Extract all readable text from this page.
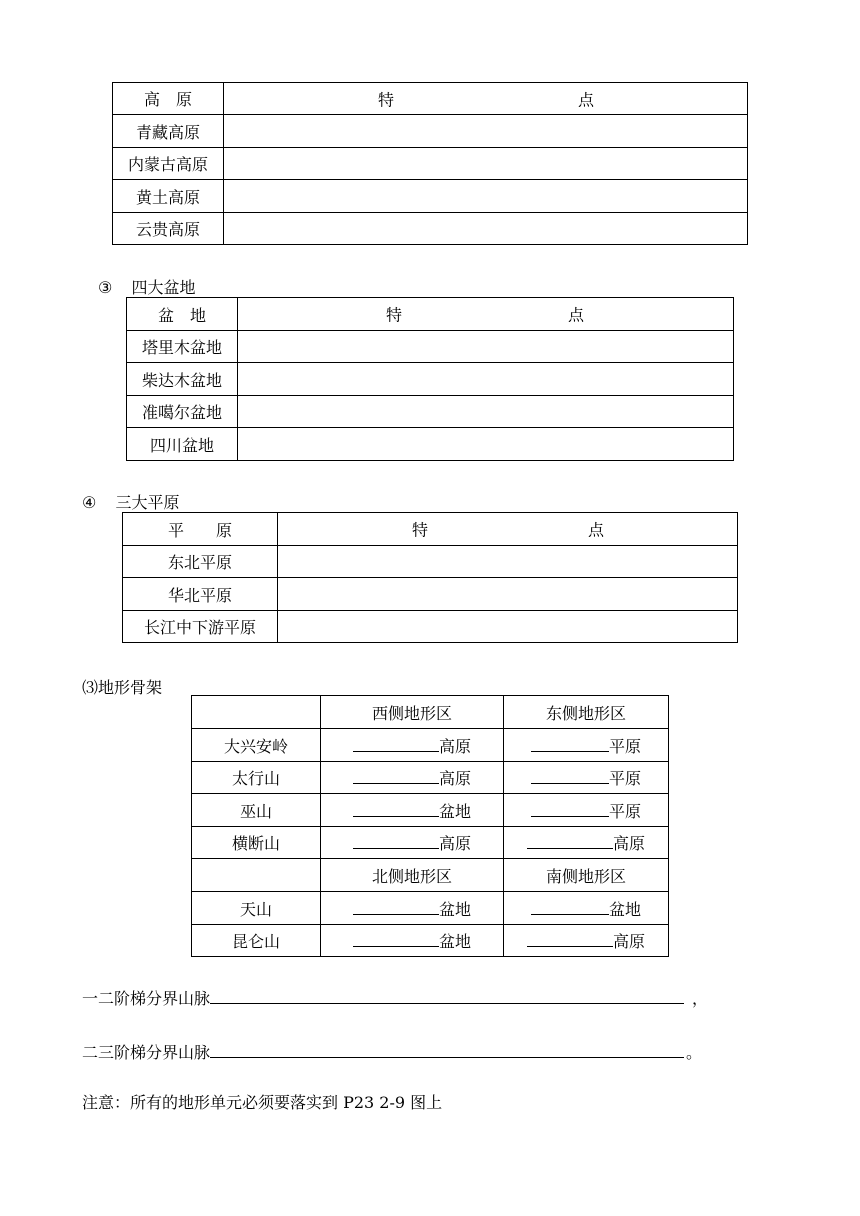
高　原	特 点

青藏高原	
内蒙古高原	
黄土高原	
云贵高原	
③ 四大盆地
盆　地	特 点

塔里木盆地	
柴达木盆地	
准噶尔盆地	
四川盆地	
④ 三大平原
平　　原	特 点

东北平原	
华北平原	
长江中下游平原	
⑶地形骨架
	西侧地形区	东侧地形区
大兴安岭	高原	平原
太行山	高原	平原
巫山	盆地	平原
横断山	高原	高原
	北侧地形区	南侧地形区
天山	盆地	盆地
昆仑山	盆地	高原
一二阶梯分界山脉	，
二三阶梯分界山脉	。
注意：所有的地形单元必须要落实到 P23 2-9 图上
